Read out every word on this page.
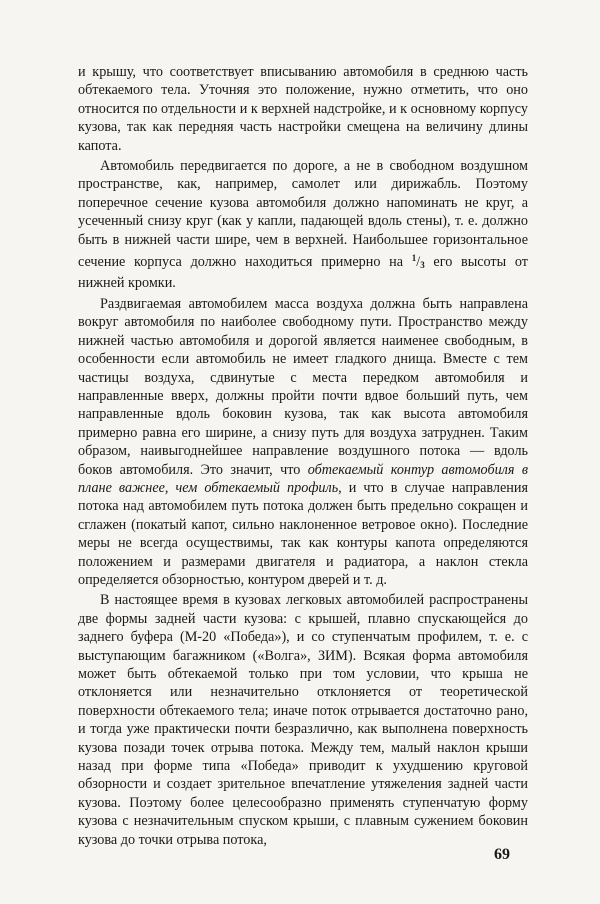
и крышу, что соответствует вписыванию автомобиля в среднюю часть обтекаемого тела. Уточняя это положение, нужно отметить, что оно относится по отдельности и к верхней надстройке, и к основному корпусу кузова, так как передняя часть настройки смещена на величину длины капота.

Автомобиль передвигается по дороге, а не в свободном воздушном пространстве, как, например, самолет или дирижабль. Поэтому поперечное сечение кузова автомобиля должно напоминать не круг, а усеченный снизу круг (как у капли, падающей вдоль стены), т. е. должно быть в нижней части шире, чем в верхней. Наибольшее горизонтальное сечение корпуса должно находиться примерно на $^1/_3$ его высоты от нижней кромки.

Раздвигаемая автомобилем масса воздуха должна быть направлена вокруг автомобиля по наиболее свободному пути. Пространство между нижней частью автомобиля и дорогой является наименее свободным, в особенности если автомобиль не имеет гладкого днища. Вместе с тем частицы воздуха, сдвинутые с места передком автомобиля и направленные вверх, должны пройти почти вдвое больший путь, чем направленные вдоль боковин кузова, так как высота автомобиля примерно равна его ширине, а снизу путь для воздуха затруднен. Таким образом, наивыгоднейшее направление воздушного потока — вдоль боков автомобиля. Это значит, что обтекаемый контур автомобиля в плане важнее, чем обтекаемый профиль, и что в случае направления потока над автомобилем путь потока должен быть предельно сокращен и сглажен (покатый капот, сильно наклоненное ветровое окно). Последние меры не всегда осуществимы, так как контуры капота определяются положением и размерами двигателя и радиатора, а наклон стекла определяется обзорностью, контуром дверей и т. д.

В настоящее время в кузовах легковых автомобилей распространены две формы задней части кузова: с крышей, плавно спускающейся до заднего буфера (М-20 «Победа»), и со ступенчатым профилем, т. е. с выступающим багажником («Волга», ЗИМ). Всякая форма автомобиля может быть обтекаемой только при том условии, что крыша не отклоняется или незначительно отклоняется от теоретической поверхности обтекаемого тела; иначе поток отрывается достаточно рано, и тогда уже практически почти безразлично, как выполнена поверхность кузова позади точек отрыва потока. Между тем, малый наклон крыши назад при форме типа «Победа» приводит к ухудшению круговой обзорности и создает зрительное впечатление утяжеления задней части кузова. Поэтому более целесообразно применять ступенчатую форму кузова с незначительным спуском крыши, с плавным сужением боковин кузова до точки отрыва потока,

69
